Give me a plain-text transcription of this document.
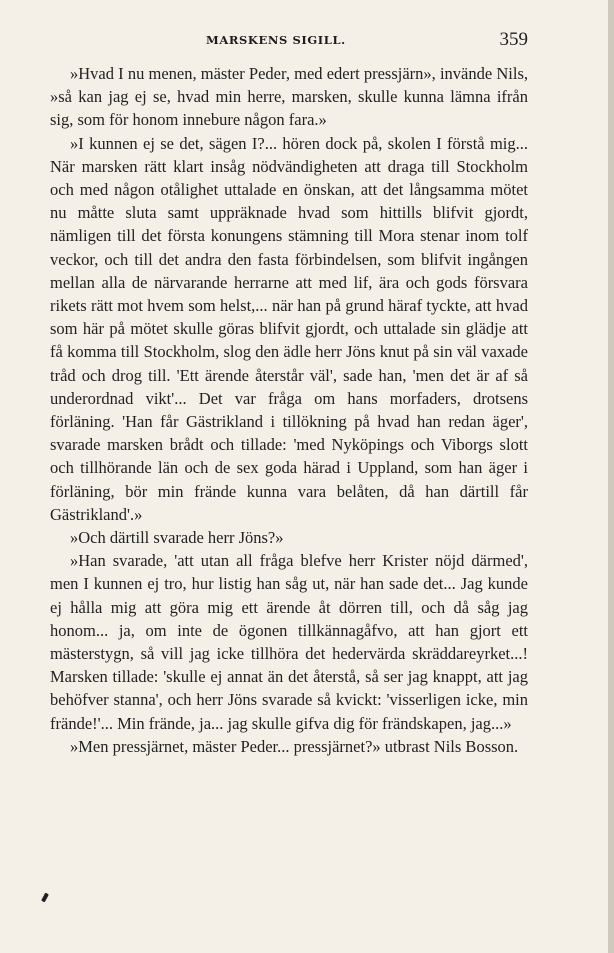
MARSKENS SIGILL.	359

»Hvad I nu menen, mäster Peder, med edert pressjärn», invände Nils, »så kan jag ej se, hvad min herre, marsken, skulle kunna lämna ifrån sig, som för honom innebure någon fara.»

»I kunnen ej se det, sägen I?... hören dock på, skolen I förstå mig... När marsken rätt klart insåg nödvändigheten att draga till Stockholm och med någon otålighet uttalade en önskan, att det långsamma mötet nu måtte sluta samt uppräknade hvad som hittills blifvit gjordt, nämligen till det första konungens stämning till Mora stenar inom tolf veckor, och till det andra den fasta förbindelsen, som blifvit ingången mellan alla de närvarande herrarne att med lif, ära och gods försvara rikets rätt mot hvem som helst,... när han på grund häraf tyckte, att hvad som här på mötet skulle göras blifvit gjordt, och uttalade sin glädje att få komma till Stockholm, slog den ädle herr Jöns knut på sin väl vaxade tråd och drog till. 'Ett ärende återstår väl', sade han, 'men det är af så underordnad vikt'... Det var fråga om hans morfaders, drotsens förläning. 'Han får Gästrikland i tillökning på hvad han redan äger', svarade marsken brådt och tillade: 'med Nyköpings och Viborgs slott och tillhörande län och de sex goda härad i Uppland, som han äger i förläning, bör min frände kunna vara belåten, då han därtill får Gästrikland'.»

»Och därtill svarade herr Jöns?»

»Han svarade, 'att utan all fråga blefve herr Krister nöjd därmed', men I kunnen ej tro, hur listig han såg ut, när han sade det... Jag kunde ej hålla mig att göra mig ett ärende åt dörren till, och då såg jag honom... ja, om inte de ögonen tillkännagåfvo, att han gjort ett mästerstygn, så vill jag icke tillhöra det hedervärda skräddareyrket...! Marsken tillade: 'skulle ej annat än det återstå, så ser jag knappt, att jag behöfver stanna', och herr Jöns svarade så kvickt: 'visserligen icke, min frände!'... Min frände, ja... jag skulle gifva dig för frändskapen, jag...»

»Men pressjärnet, mäster Peder... pressjärnet?» utbrast Nils Bosson.
